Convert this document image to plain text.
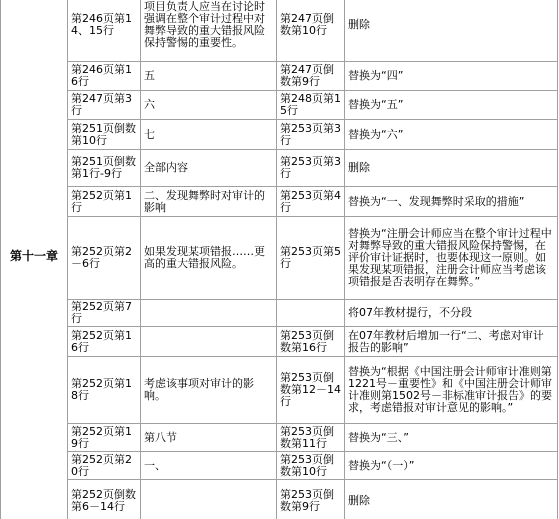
第十一章	第246页第14、15行	项目负责人应当在讨论时强调在整个审计过程中对舞弊导致的重大错报风险保持警惕的重要性。	第247页倒数第10行	删除
	第246页第16行	五	第247页倒数第9行	替换为“四”
	第247页第3行	六	第248页第15行	替换为“五”
	第251页倒数第10行	七	第253页第3行	替换为“六”
	第251页倒数第1行-9行	全部内容	第253页第3行	删除
	第252页第1行	二、发现舞弊时对审计的影响	第253页第4行	替换为“一、发现舞弊时采取的措施”
	第252页第2－6行	如果发现某项错报……更高的重大错报风险。	第253页第5行	替换为“注册会计师应当在整个审计过程中对舞弊导致的重大错报风险保持警惕，在评价审计证据时，也要体现这一原则。如果发现某项错报，注册会计师应当考虑该项错报是否表明存在舞弊。”
	第252页第7行			将07年教材提行，不分段
	第252页第16行		第253页倒数第16行	在07年教材后增加一行“二、考虑对审计报告的影响”
	第252页第18行	考虑该事项对审计的影响。	第253页倒数第12－14行	替换为“根据《中国注册会计师审计准则第1221号－重要性》和《中国注册会计师审计准则第1502号－非标准审计报告》的要求，考虑错报对审计意见的影响。”
	第252页第19行	第八节	第253页倒数第11行	替换为“三、”
	第252页第20行	一、	第253页倒数第10行	替换为“（一）”
	第252页倒数第6－14行		第253页倒数第9行	删除
